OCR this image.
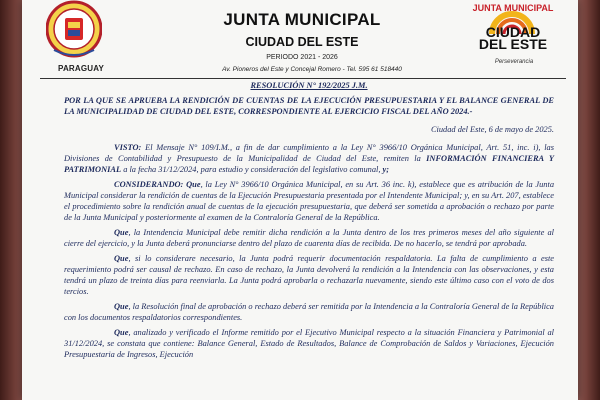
PARAGUAY
JUNTA MUNICIPAL
CIUDAD DEL ESTE
PERIODO 2021 - 2026
Av. Pioneros del Este y Concejal Romero - Tel. 595 61 518440
JUNTA MUNICIPAL
CIUDAD
DEL ESTE
Perseverancia

RESOLUCIÓN N° 192/2025 J.M.

POR LA QUE SE APRUEBA LA RENDICIÓN DE CUENTAS DE LA EJECUCIÓN PRESUPUESTARIA Y EL BALANCE GENERAL DE LA MUNICIPALIDAD DE CIUDAD DEL ESTE, CORRESPONDIENTE AL EJERCICIO FISCAL DEL AÑO 2024.-

Ciudad del Este, 6 de mayo de 2025.

VISTO: El Mensaje N° 109/I.M., a fin de dar cumplimiento a la Ley N° 3966/10 Orgánica Municipal, Art. 51, inc. i), las Divisiones de Contabilidad y Presupuesto de la Municipalidad de Ciudad del Este, remiten la INFORMACIÓN FINANCIERA Y PATRIMONIAL a la fecha 31/12/2024, para estudio y consideración del legislativo comunal, y;

CONSIDERANDO: Que, la Ley N° 3966/10 Orgánica Municipal, en su Art. 36 inc. k), establece que es atribución de la Junta Municipal considerar la rendición de cuentas de la Ejecución Presupuestaria presentada por el Intendente Municipal; y, en su Art. 207, establece el procedimiento sobre la rendición anual de cuentas de la ejecución presupuestaria, que deberá ser sometida a aprobación o rechazo por parte de la Junta Municipal y posteriormente al examen de la Contraloría General de la República.

Que, la Intendencia Municipal debe remitir dicha rendición a la Junta dentro de los tres primeros meses del año siguiente al cierre del ejercicio, y la Junta deberá pronunciarse dentro del plazo de cuarenta días de recibida. De no hacerlo, se tendrá por aprobada.

Que, si lo considerare necesario, la Junta podrá requerir documentación respaldatoria. La falta de cumplimiento a este requerimiento podrá ser causal de rechazo. En caso de rechazo, la Junta devolverá la rendición a la Intendencia con las observaciones, y esta tendrá un plazo de treinta días para reenviarla. La Junta podrá aprobarla o rechazarla nuevamente, siendo este último caso con el voto de dos tercios.

Que, la Resolución final de aprobación o rechazo deberá ser remitida por la Intendencia a la Contraloría General de la República con los documentos respaldatorios correspondientes.

Que, analizado y verificado el Informe remitido por el Ejecutivo Municipal respecto a la situación Financiera y Patrimonial al 31/12/2024, se constata que contiene: Balance General, Estado de Resultados, Balance de Comprobación de Saldos y Variaciones, Ejecución Presupuestaria de Ingresos, Ejecución
